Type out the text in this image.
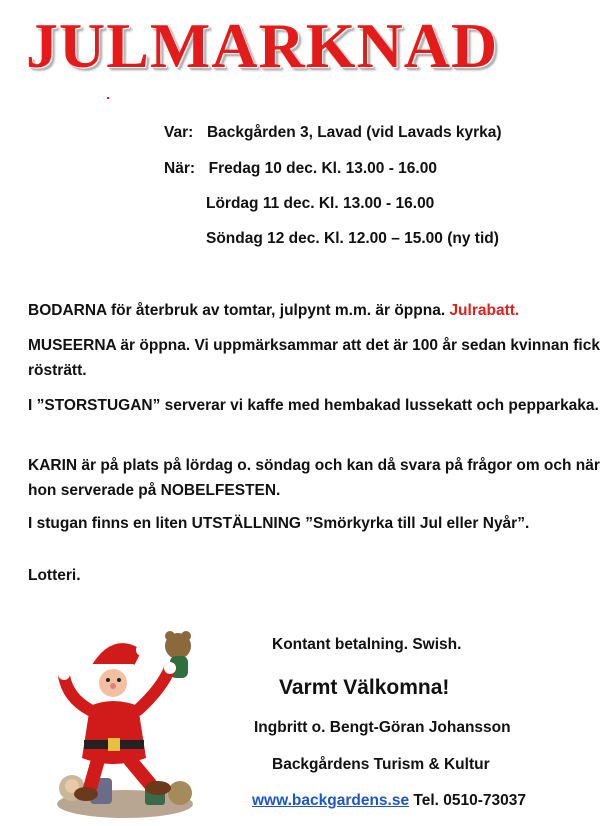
JULMARKNAD
Var: Backgården 3, Lavad (vid Lavads kyrka)
När: Fredag 10 dec. Kl. 13.00 - 16.00
Lördag 11 dec. Kl. 13.00 - 16.00
Söndag 12 dec. Kl. 12.00 – 15.00 (ny tid)
BODARNA för återbruk av tomtar, julpynt m.m. är öppna. Julrabatt.
MUSEERNA är öppna. Vi uppmärksammar att det är 100 år sedan kvinnan fick rösträtt.
I ”STORSTUGAN” serverar vi kaffe med hembakad lussekatt och pepparkaka.
KARIN är på plats på lördag o. söndag och kan då svara på frågor om och när hon serverade på NOBELFESTEN.
I stugan finns en liten UTSTÄLLNING ”Smörkyrka till Jul eller Nyår”.
Lotteri.
Kontant betalning. Swish.
Varmt Välkomna!
Ingbritt o. Bengt-Göran Johansson
Backgårdens Turism & Kultur
www.backgardens.se Tel. 0510-73037
